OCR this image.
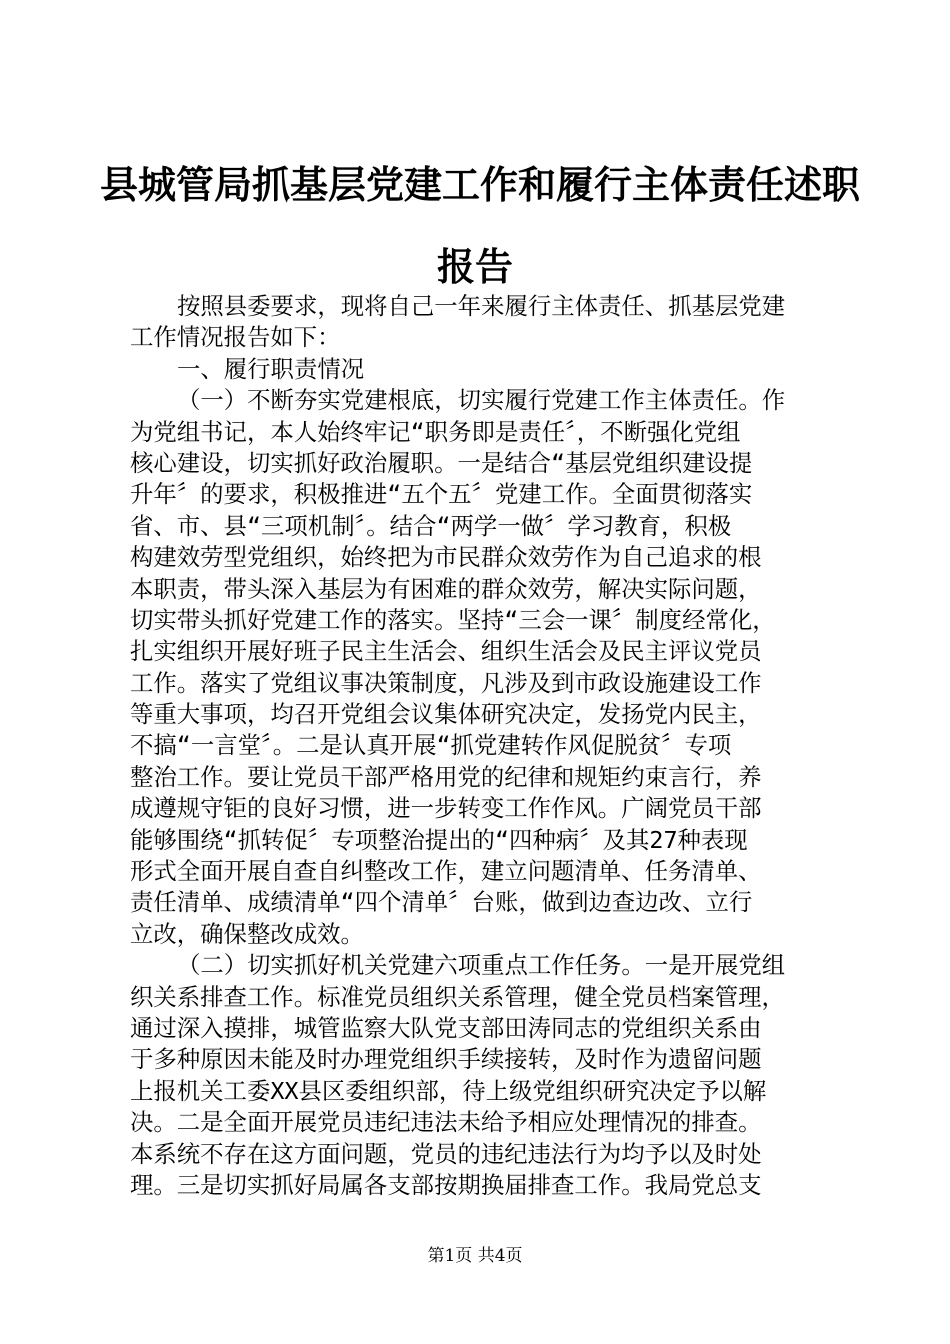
县城管局抓基层党建工作和履行主体责任述职
报告
按照县委要求，现将自己一年来履行主体责任、抓基层党建
工作情况报告如下：
一、履行职责情况
（一）不断夯实党建根底，切实履行党建工作主体责任。作
为党组书记，本人始终牢记“职务即是责任〞，不断强化党组
核心建设，切实抓好政治履职。一是结合“基层党组织建设提
升年〞的要求，积极推进“五个五〞党建工作。全面贯彻落实
省、市、县“三项机制〞。结合“两学一做〞学习教育，积极
构建效劳型党组织，始终把为市民群众效劳作为自己追求的根
本职责，带头深入基层为有困难的群众效劳，解决实际问题，
切实带头抓好党建工作的落实。坚持“三会一课〞制度经常化，
扎实组织开展好班子民主生活会、组织生活会及民主评议党员
工作。落实了党组议事决策制度，凡涉及到市政设施建设工作
等重大事项，均召开党组会议集体研究决定，发扬党内民主，
不搞“一言堂〞。二是认真开展“抓党建转作风促脱贫〞专项
整治工作。要让党员干部严格用党的纪律和规矩约束言行，养
成遵规守钜的良好习惯，进一步转变工作作风。广阔党员干部
能够围绕“抓转促〞专项整治提出的“四种病〞及其27种表现
形式全面开展自查自纠整改工作，建立问题清单、任务清单、
责任清单、成绩清单“四个清单〞台账，做到边查边改、立行
立改，确保整改成效。
（二）切实抓好机关党建六项重点工作任务。一是开展党组
织关系排查工作。标准党员组织关系管理，健全党员档案管理，
通过深入摸排，城管监察大队党支部田涛同志的党组织关系由
于多种原因未能及时办理党组织手续接转，及时作为遗留问题
上报机关工委XX县区委组织部，待上级党组织研究决定予以解
决。二是全面开展党员违纪违法未给予相应处理情况的排查。
本系统不存在这方面问题，党员的违纪违法行为均予以及时处
理。三是切实抓好局属各支部按期换届排查工作。我局党总支
第1页 共4页
